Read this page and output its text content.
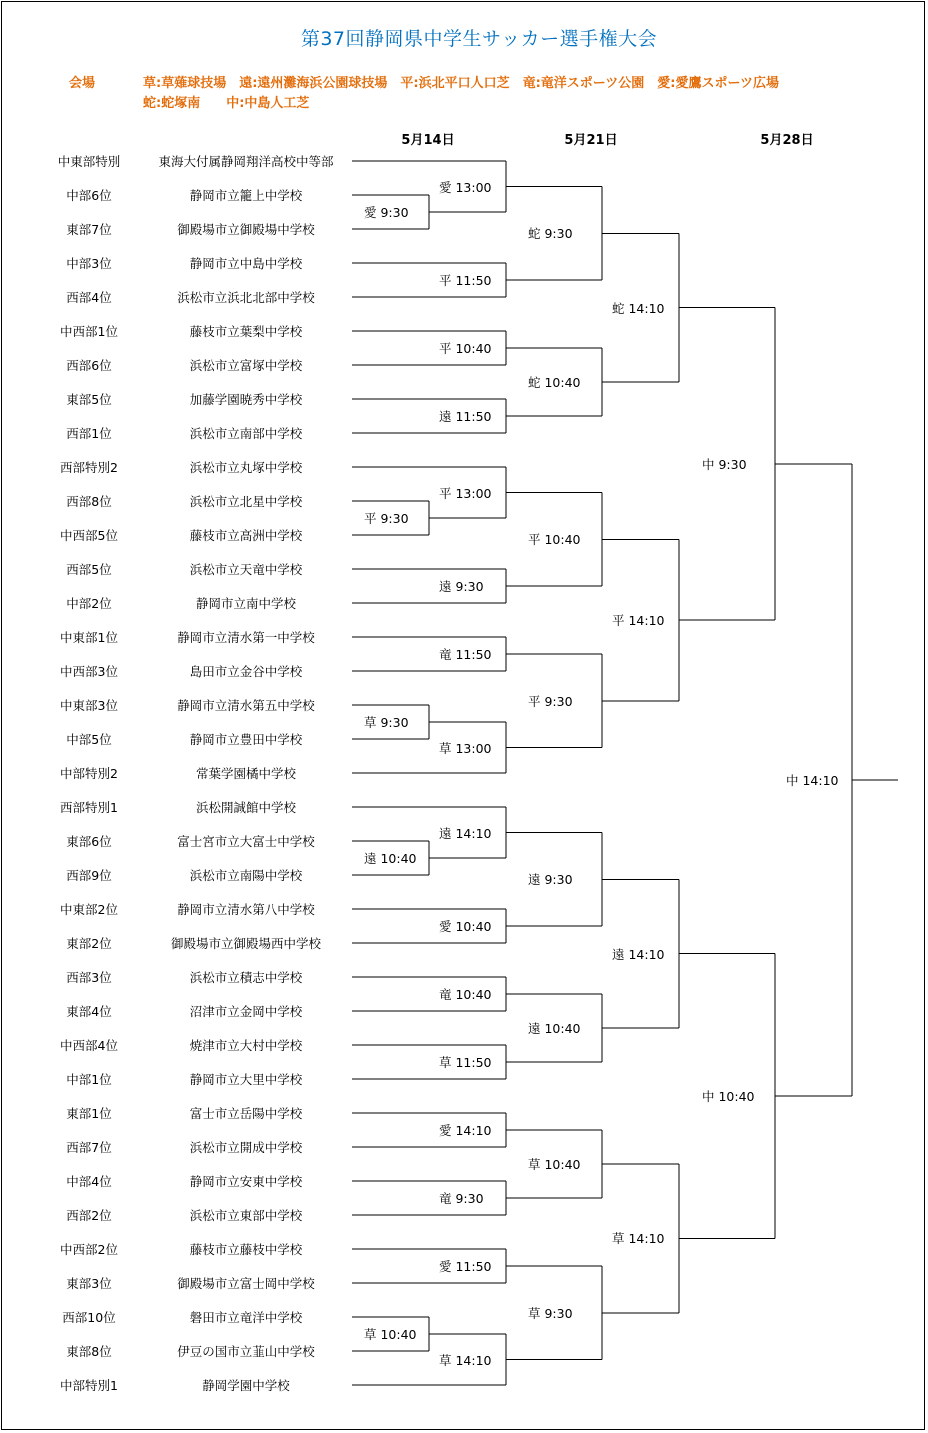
第37回静岡県中学生サッカー選手権大会
会場	草:草薙球技場　遠:遠州灘海浜公園球技場　平:浜北平口人口芝　竜:竜洋スポーツ公園　愛:愛鷹スポーツ広場
蛇:蛇塚南　　中:中島人工芝
5月14日	5月21日	5月28日
中東部特別	東海大付属静岡翔洋高校中等部
中部6位	静岡市立籠上中学校
東部7位	御殿場市立御殿場中学校
中部3位	静岡市立中島中学校
西部4位	浜松市立浜北北部中学校
中西部1位	藤枝市立葉梨中学校
西部6位	浜松市立富塚中学校
東部5位	加藤学園暁秀中学校
西部1位	浜松市立南部中学校
西部特別2	浜松市立丸塚中学校
西部8位	浜松市立北星中学校
中西部5位	藤枝市立高洲中学校
西部5位	浜松市立天竜中学校
中部2位	静岡市立南中学校
中東部1位	静岡市立清水第一中学校
中西部3位	島田市立金谷中学校
中東部3位	静岡市立清水第五中学校
中部5位	静岡市立豊田中学校
中部特別2	常葉学園橘中学校
西部特別1	浜松開誠館中学校
東部6位	富士宮市立大富士中学校
西部9位	浜松市立南陽中学校
中東部2位	静岡市立清水第八中学校
東部2位	御殿場市立御殿場西中学校
西部3位	浜松市立積志中学校
東部4位	沼津市立金岡中学校
中西部4位	焼津市立大村中学校
中部1位	静岡市立大里中学校
東部1位	富士市立岳陽中学校
西部7位	浜松市立開成中学校
中部4位	静岡市立安東中学校
西部2位	浜松市立東部中学校
中西部2位	藤枝市立藤枝中学校
東部3位	御殿場市立富士岡中学校
西部10位	磐田市立竜洋中学校
東部8位	伊豆の国市立韮山中学校
中部特別1	静岡学園中学校
愛 9:30
平 9:30
草 9:30
遠 10:40
草 10:40
愛 13:00
平 11:50
平 10:40
遠 11:50
平 13:00
遠 9:30
竜 11:50
草 13:00
遠 14:10
愛 10:40
竜 10:40
草 11:50
愛 14:10
竜 9:30
愛 11:50
草 14:10
蛇 9:30
蛇 10:40
平 10:40
平 9:30
遠 9:30
遠 10:40
草 10:40
草 9:30
蛇 14:10
平 14:10
遠 14:10
草 14:10
中 9:30
中 10:40
中 14:10
